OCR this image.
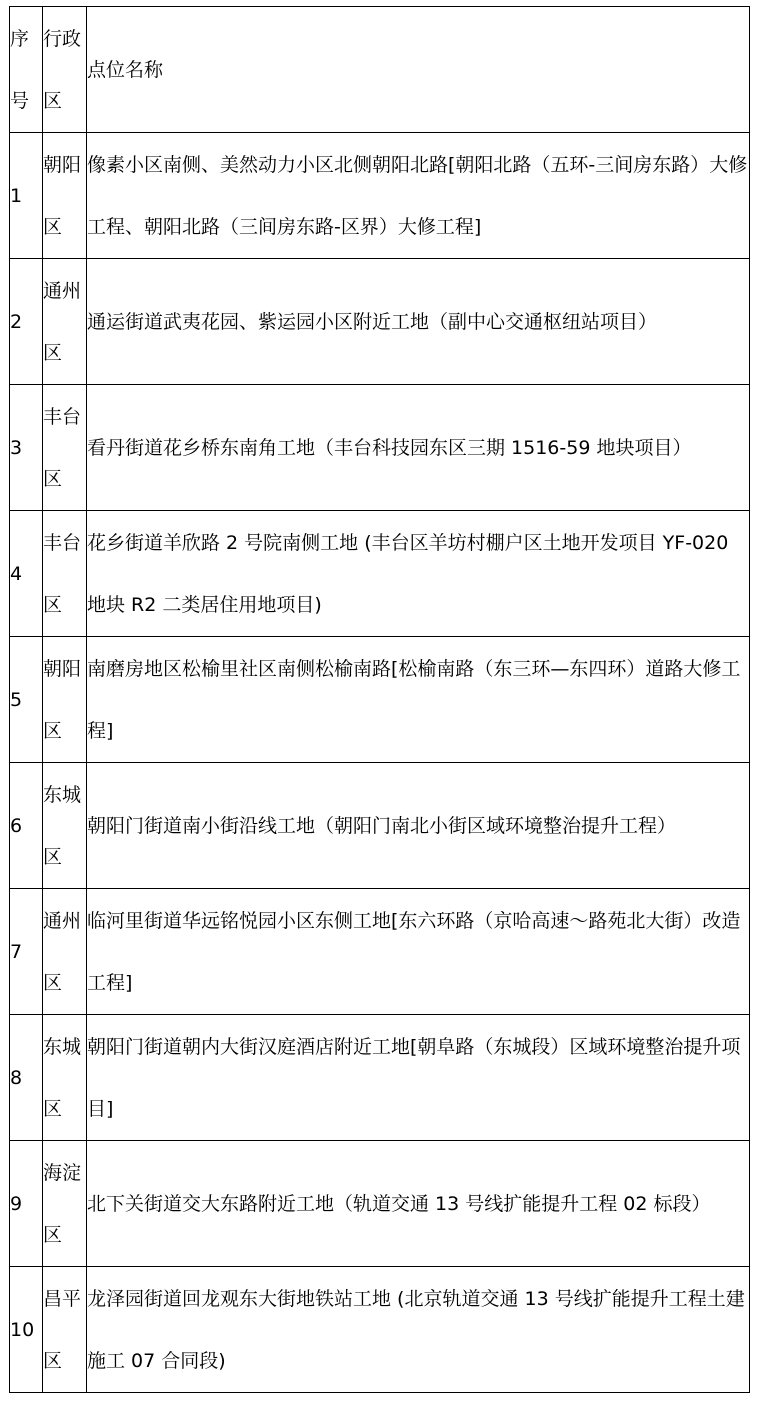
序号	行政区	点位名称
1	朝阳区	像素小区南侧、美然动力小区北侧朝阳北路[朝阳北路（五环-三间房东路）大修工程、朝阳北路（三间房东路-区界）大修工程]
2	通州区	通运街道武夷花园、紫运园小区附近工地（副中心交通枢纽站项目）
3	丰台区	看丹街道花乡桥东南角工地（丰台科技园东区三期 1516-59 地块项目）
4	丰台区	花乡街道羊欣路 2 号院南侧工地 (丰台区羊坊村棚户区土地开发项目 YF-020 地块 R2 二类居住用地项目)
5	朝阳区	南磨房地区松榆里社区南侧松榆南路[松榆南路（东三环—东四环）道路大修工程]
6	东城区	朝阳门街道南小街沿线工地（朝阳门南北小街区域环境整治提升工程）
7	通州区	临河里街道华远铭悦园小区东侧工地[东六环路（京哈高速～路苑北大街）改造工程]
8	东城区	朝阳门街道朝内大街汉庭酒店附近工地[朝阜路（东城段）区域环境整治提升项目]
9	海淀区	北下关街道交大东路附近工地（轨道交通 13 号线扩能提升工程 02 标段）
10	昌平区	龙泽园街道回龙观东大街地铁站工地 (北京轨道交通 13 号线扩能提升工程土建施工 07 合同段)
